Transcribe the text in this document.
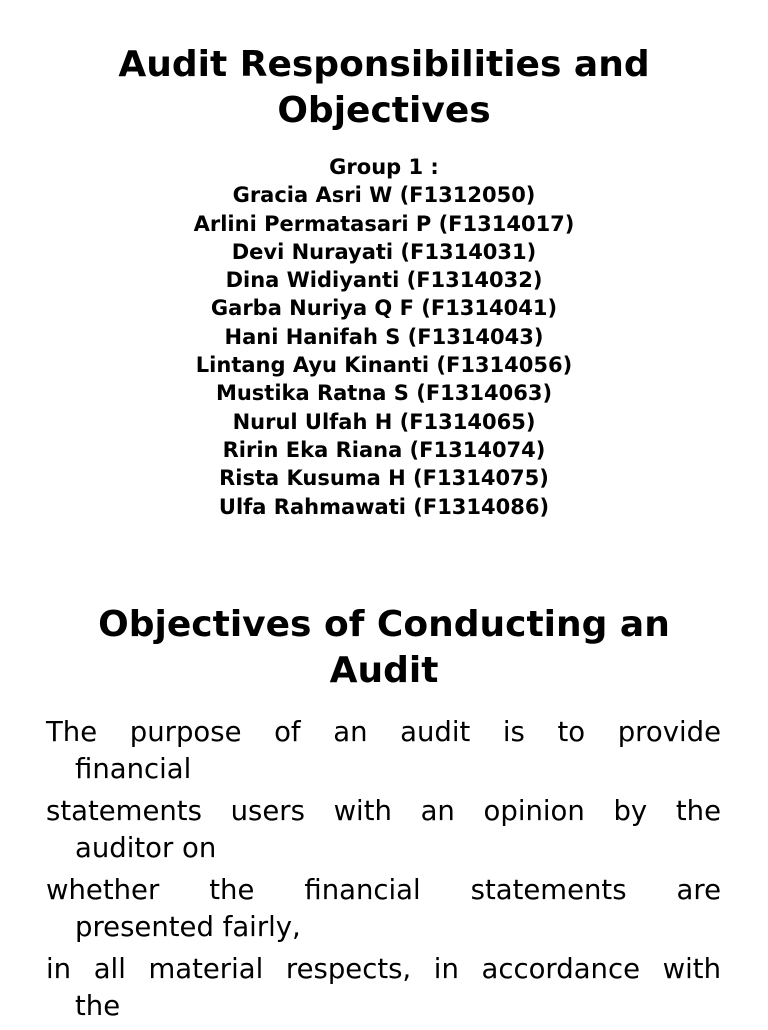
Audit Responsibilities and
Objectives
Group 1 :
Gracia Asri W (F1312050)
Arlini Permatasari P (F1314017)
Devi Nurayati (F1314031)
Dina Widiyanti (F1314032)
Garba Nuriya Q F (F1314041)
Hani Hanifah S (F1314043)
Lintang Ayu Kinanti (F1314056)
Mustika Ratna S (F1314063)
Nurul Ulfah H (F1314065)
Ririn Eka Riana (F1314074)
Rista Kusuma H (F1314075)
Ulfa Rahmawati (F1314086)
Objectives of Conducting an
Audit

The purpose of an audit is to provide
financial

statements users with an opinion by the
auditor on

whether the financial statements are
presented fairly,

in all material respects, in accordance with
the
